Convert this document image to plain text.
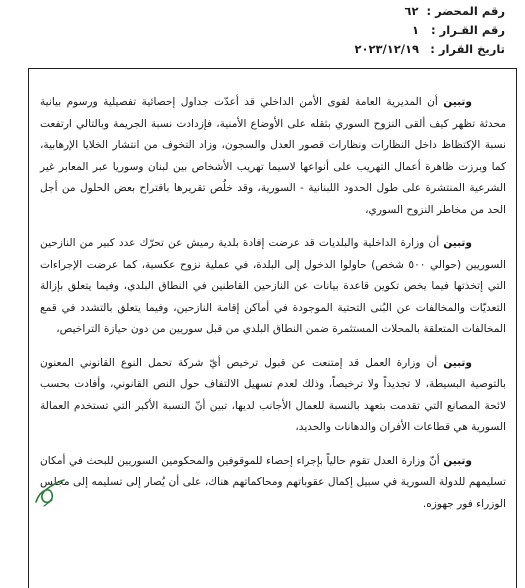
رقم المحضر :
٦٢
رقم القـرار :
١
تاريخ القرار :
٢٠٢٣/١٢/١٩

وتبين أن المديرية العامة لقوى الأمن الداخلي قد أعدّت جداول إحصائية تفصيلية ورسوم بيانية محدثة تظهر كيف ألقى النزوح السوري بثقله على الأوضاع الأمنية، فإزدادت نسبة الجريمة وبالتالي ارتفعت نسبة الإكتظاظ داخل النظارات ونظارات قصور العدل والسجون، وزاد التخوف من انتشار الخلايا الإرهابية، كما وبرزت ظاهرة أعمال التهريب على أنواعها لاسيما تهريب الأشخاص بين لبنان وسوريا عبر المعابر غير الشرعية المنتشرة على طول الحدود اللبنانية - السورية، وقد خلُص تقريرها باقتراح بعض الحلول من أجل الحد من مخاطر النزوح السوري،

وتبين أن وزارة الداخلية والبلديات قد عرضت إفادة بلدية رميش عن تحرّك عدد كبير من النازحين السوريين (حوالي ٥٠٠ شخص) حاولوا الدخول إلى البلدة، في عملية نزوح عكسية، كما عرضت الإجراءات التي إتخذتها فيما يخص تكوين قاعدة بيانات عن النازحين القاطنين في النطاق البلدي، وفيما يتعلق بإزالة التعديّات والمخالفات عن البُنى التحتية الموجودة في أماكن إقامة النازحين، وفيما يتعلق بالتشدد في قمع المخالفات المتعلقة بالمحلات المستثمرة ضمن النطاق البلدي من قبل سوريين من دون حيازة التراخيص،

وتبين أن وزارة العمل قد إمتنعت عن قبول ترخيص أيّ شركة تحمل النوع القانوني المعنون بالتوصية البسيطة، لا تجديداً ولا ترخيصاً، وذلك لعدم تسهيل الالتفاف حول النص القانوني، وأفادت بحسب لائحة المصانع التي تقدمت بتعهد بالنسبة للعمال الأجانب لديها، تبين أنّ النسبة الأكبر التي تستخدم العمالة السورية هي قطاعات الأفران والدهانات والحديد،

وتبين أنّ وزارة العدل تقوم حالياً بإجراء إحصاء للموقوفين والمحكومين السوريين للبحث في أمكان تسليمهم للدولة السورية في سبيل إكمال عقوباتهم ومحاكماتهم هناك، على أن يُصار إلى تسليمه إلى مجلس الوزراء فور جهوزه.
